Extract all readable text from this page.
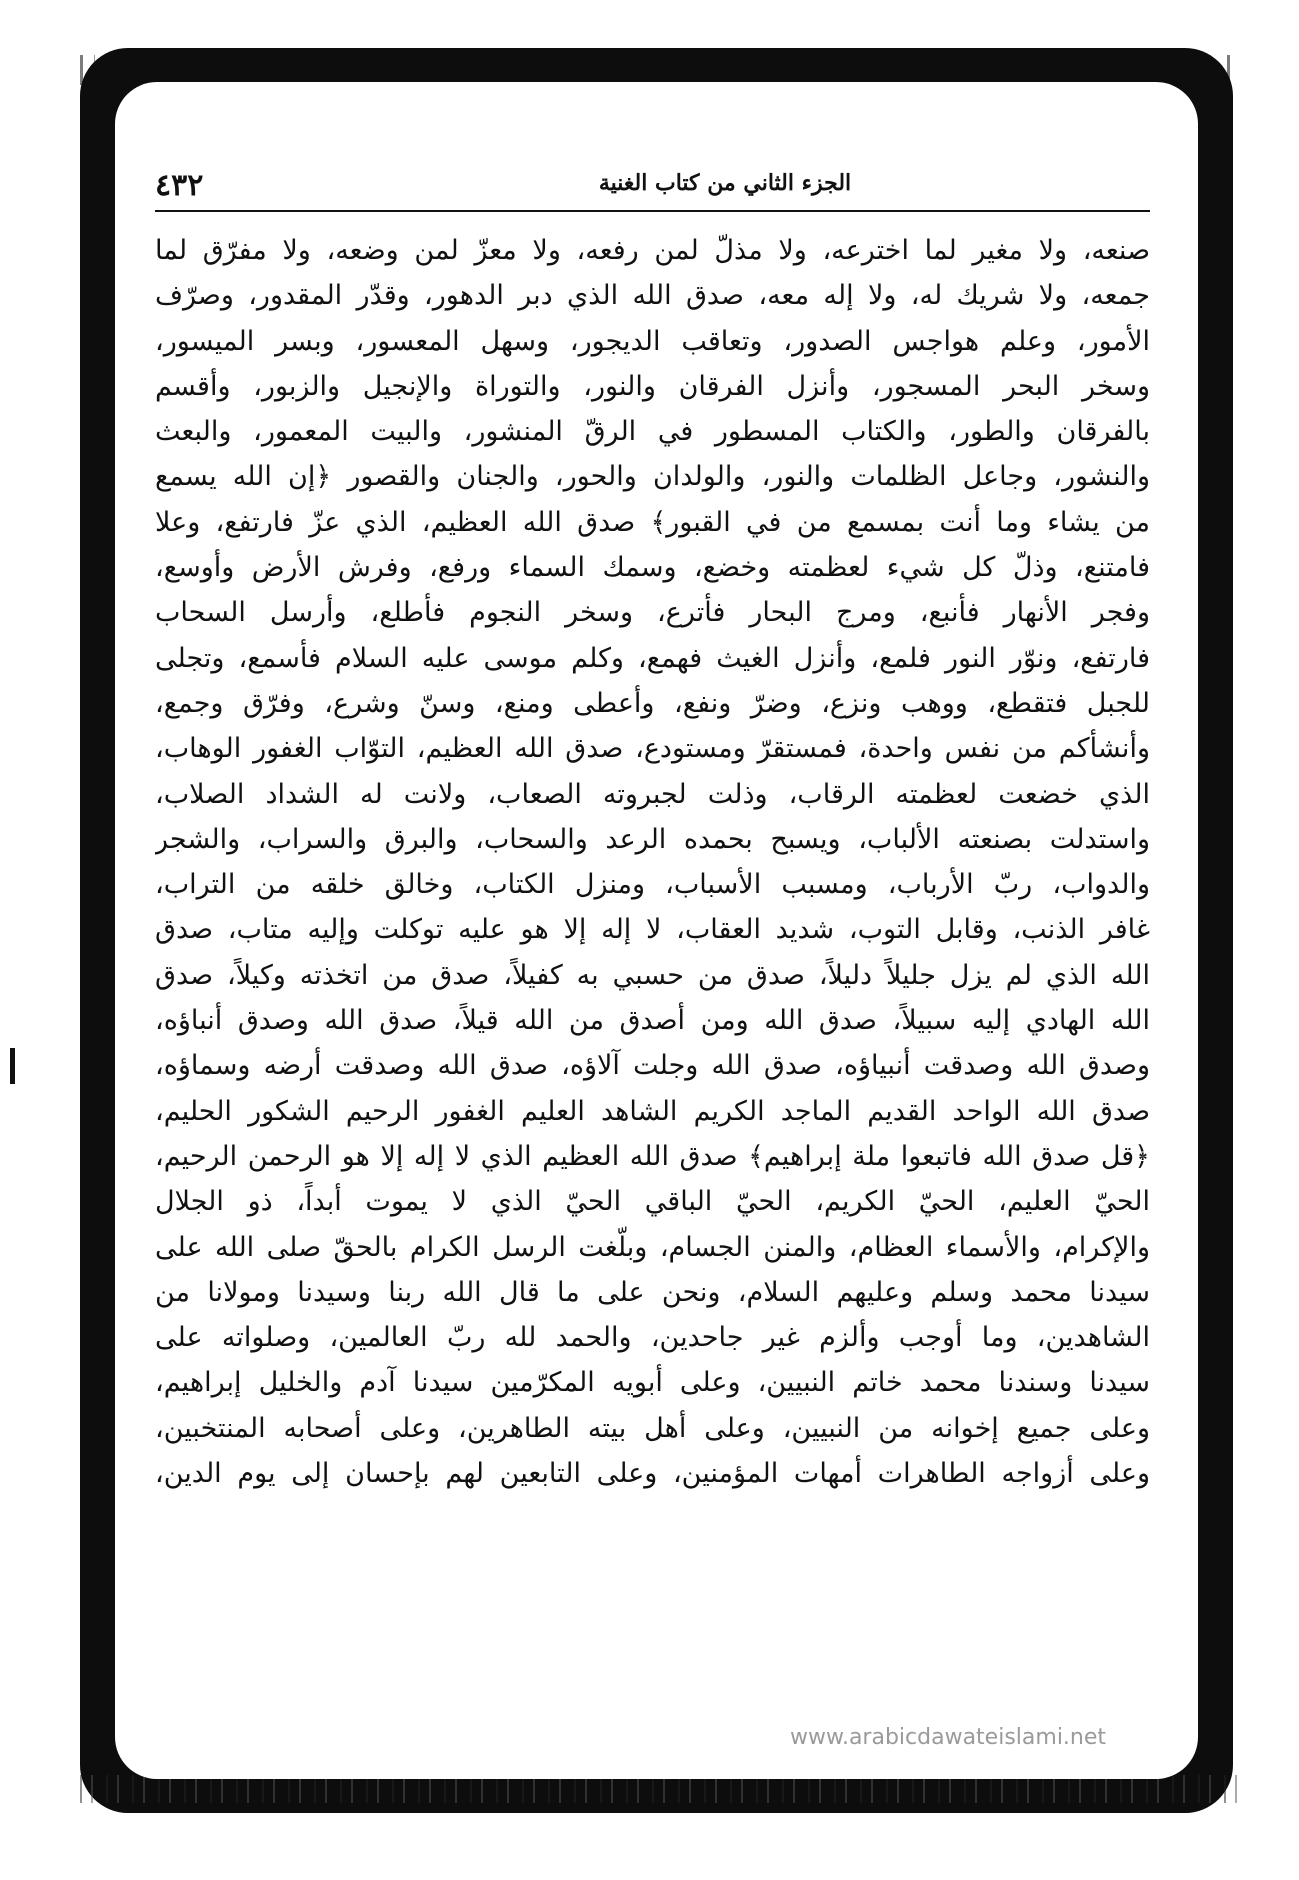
٤٣٢	الجزء الثاني من كتاب الغنية
صنعه، ولا مغير لما اخترعه، ولا مذلّ لمن رفعه، ولا معزّ لمن وضعه، ولا مفرّق لما
جمعه، ولا شريك له، ولا إله معه، صدق الله الذي دبر الدهور، وقدّر المقدور، وصرّف
الأمور، وعلم هواجس الصدور، وتعاقب الديجور، وسهل المعسور، وبسر الميسور،
وسخر البحر المسجور، وأنزل الفرقان والنور، والتوراة والإنجيل والزبور، وأقسم
بالفرقان والطور، والكتاب المسطور في الرقّ المنشور، والبيت المعمور، والبعث
والنشور، وجاعل الظلمات والنور، والولدان والحور، والجنان والقصور ﴿إن الله يسمع
من يشاء وما أنت بمسمع من في القبور﴾ صدق الله العظيم، الذي عزّ فارتفع، وعلا
فامتنع، وذلّ كل شيء لعظمته وخضع، وسمك السماء ورفع، وفرش الأرض وأوسع،
وفجر الأنهار فأنبع، ومرج البحار فأترع، وسخر النجوم فأطلع، وأرسل السحاب
فارتفع، ونوّر النور فلمع، وأنزل الغيث فهمع، وكلم موسى عليه السلام فأسمع، وتجلى
للجبل فتقطع، ووهب ونزع، وضرّ ونفع، وأعطى ومنع، وسنّ وشرع، وفرّق وجمع،
وأنشأكم من نفس واحدة، فمستقرّ ومستودع، صدق الله العظيم، التوّاب الغفور الوهاب،
الذي خضعت لعظمته الرقاب، وذلت لجبروته الصعاب، ولانت له الشداد الصلاب،
واستدلت بصنعته الألباب، ويسبح بحمده الرعد والسحاب، والبرق والسراب، والشجر
والدواب، ربّ الأرباب، ومسبب الأسباب، ومنزل الكتاب، وخالق خلقه من التراب،
غافر الذنب، وقابل التوب، شديد العقاب، لا إله إلا هو عليه توكلت وإليه متاب، صدق
الله الذي لم يزل جليلاً دليلاً، صدق من حسبي به كفيلاً، صدق من اتخذته وكيلاً، صدق
الله الهادي إليه سبيلاً، صدق الله ومن أصدق من الله قيلاً، صدق الله وصدق أنباؤه،
وصدق الله وصدقت أنبياؤه، صدق الله وجلت آلاؤه، صدق الله وصدقت أرضه وسماؤه،
صدق الله الواحد القديم الماجد الكريم الشاهد العليم الغفور الرحيم الشكور الحليم،
﴿قل صدق الله فاتبعوا ملة إبراهيم﴾ صدق الله العظيم الذي لا إله إلا هو الرحمن الرحيم،
الحيّ العليم، الحيّ الكريم، الحيّ الباقي الحيّ الذي لا يموت أبداً، ذو الجلال
والإكرام، والأسماء العظام، والمنن الجسام، وبلّغت الرسل الكرام بالحقّ صلى الله على
سيدنا محمد وسلم وعليهم السلام، ونحن على ما قال الله ربنا وسيدنا ومولانا من
الشاهدين، وما أوجب وألزم غير جاحدين، والحمد لله ربّ العالمين، وصلواته على
سيدنا وسندنا محمد خاتم النبيين، وعلى أبويه المكرّمين سيدنا آدم والخليل إبراهيم،
وعلى جميع إخوانه من النبيين، وعلى أهل بيته الطاهرين، وعلى أصحابه المنتخبين،
وعلى أزواجه الطاهرات أمهات المؤمنين، وعلى التابعين لهم بإحسان إلى يوم الدين،
www.arabicdawateislami.net
